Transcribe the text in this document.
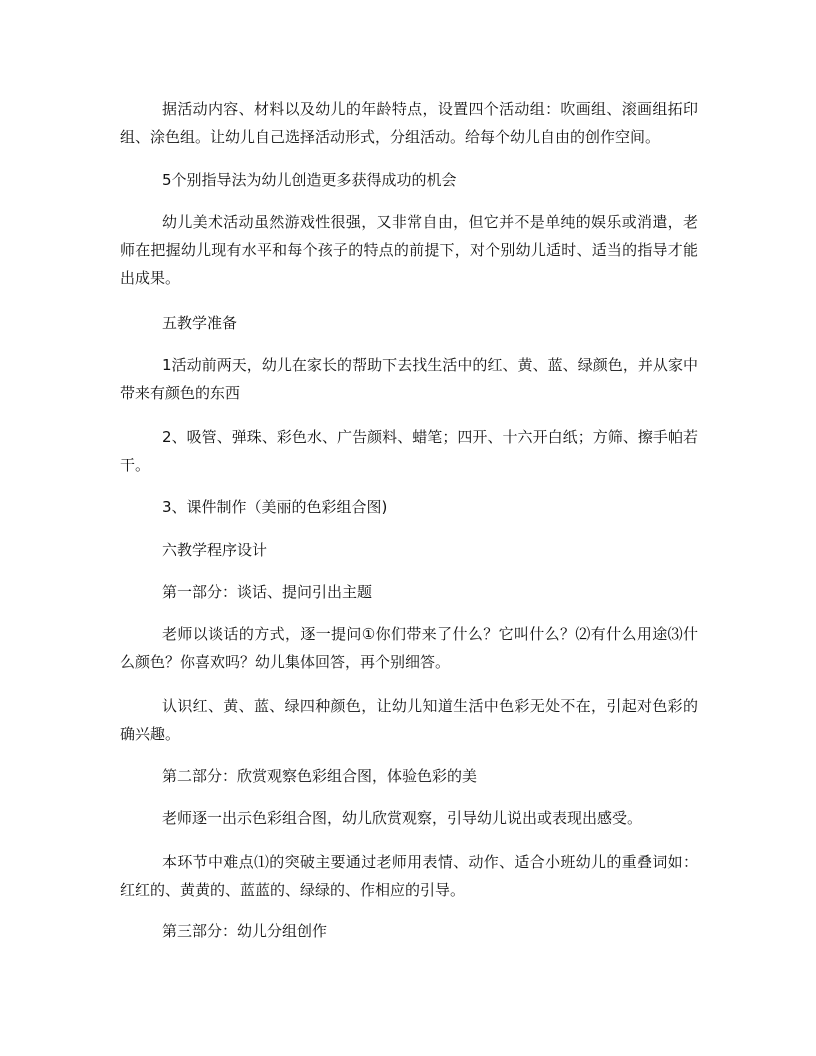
据活动内容、材料以及幼儿的年龄特点，设置四个活动组：吹画组、滚画组拓印组、涂色组。让幼儿自己选择活动形式，分组活动。给每个幼儿自由的创作空间。

5个别指导法为幼儿创造更多获得成功的机会

幼儿美术活动虽然游戏性很强，又非常自由，但它并不是单纯的娱乐或消遣，老师在把握幼儿现有水平和每个孩子的特点的前提下，对个别幼儿适时、适当的指导才能出成果。

五教学准备

1活动前两天，幼儿在家长的帮助下去找生活中的红、黄、蓝、绿颜色，并从家中带来有颜色的东西

2、吸管、弹珠、彩色水、广告颜料、蜡笔；四开、十六开白纸；方筛、擦手帕若干。

3、课件制作（美丽的色彩组合图)

六教学程序设计

第一部分：谈话、提问引出主题

老师以谈话的方式，逐一提问①你们带来了什么？它叫什么？⑵有什么用途⑶什么颜色？你喜欢吗？幼儿集体回答，再个别细答。

认识红、黄、蓝、绿四种颜色，让幼儿知道生活中色彩无处不在，引起对色彩的确兴趣。

第二部分：欣赏观察色彩组合图，体验色彩的美

老师逐一出示色彩组合图，幼儿欣赏观察，引导幼儿说出或表现出感受。

本环节中难点⑴的突破主要通过老师用表情、动作、适合小班幼儿的重叠词如：红红的、黄黄的、蓝蓝的、绿绿的、作相应的引导。

第三部分：幼儿分组创作
